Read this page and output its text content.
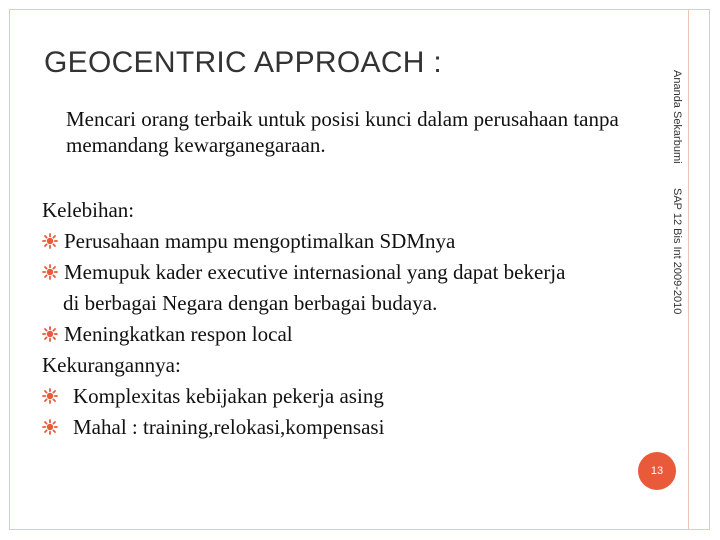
GEOCENTRIC APPROACH :
Ananda Sekarbumi
SAP 12 Bis Int 2009-2010
Mencari orang terbaik untuk posisi kunci dalam perusahaan tanpa memandang kewarganegaraan.
Kelebihan:
Perusahaan mampu mengoptimalkan SDMnya
Memupuk kader executive internasional yang dapat bekerja
di berbagai Negara dengan berbagai budaya.
Meningkatkan respon local
Kekurangannya:
Komplexitas kebijakan pekerja asing
Mahal : training,relokasi,kompensasi
13
